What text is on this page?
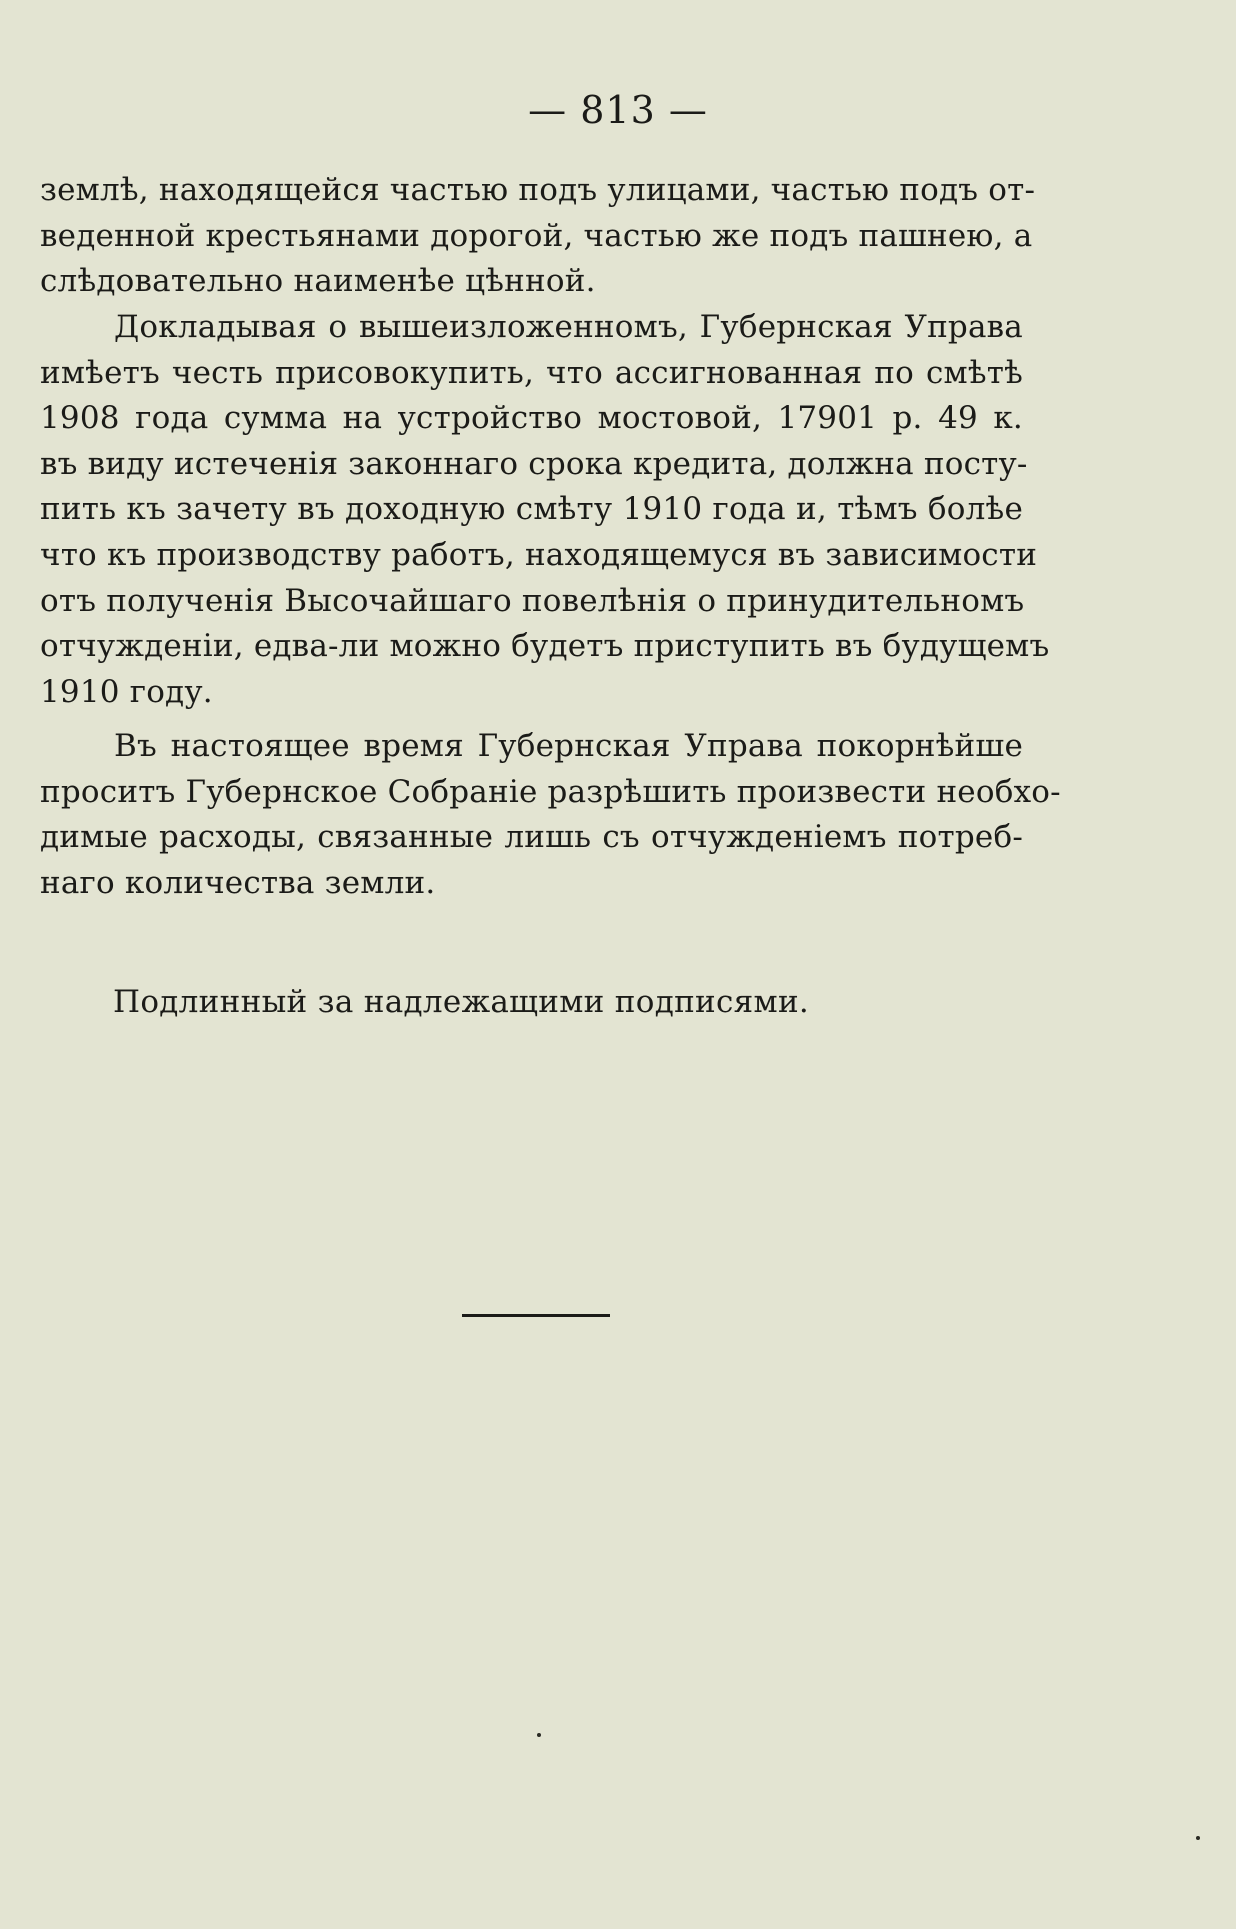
— 813 —
землѣ, находящейся частью подъ улицами, частью подъ от-
веденной крестьянами дорогой, частью же подъ пашнею, а
слѣдовательно наименѣе цѣнной.
Докладывая о вышеизложенномъ, Губернская Управа
имѣетъ честь присовокупить, что ассигнованная по смѣтѣ
1908 года сумма на устройство мостовой, 17901 р. 49 к.
въ виду истеченія законнаго срока кредита, должна посту-
пить къ зачету въ доходную смѣту 1910 года и, тѣмъ болѣе
что къ производству работъ, находящемуся въ зависимости
отъ полученія Высочайшаго повелѣнія о принудительномъ
отчужденіи, едва-ли можно будетъ приступить въ будущемъ
1910 году.
Въ настоящее время Губернская Управа покорнѣйше
проситъ Губернское Собраніе разрѣшить произвести необхо-
димые расходы, связанные лишь съ отчужденіемъ потреб-
наго количества земли.
Подлинный за надлежащими подписями.
